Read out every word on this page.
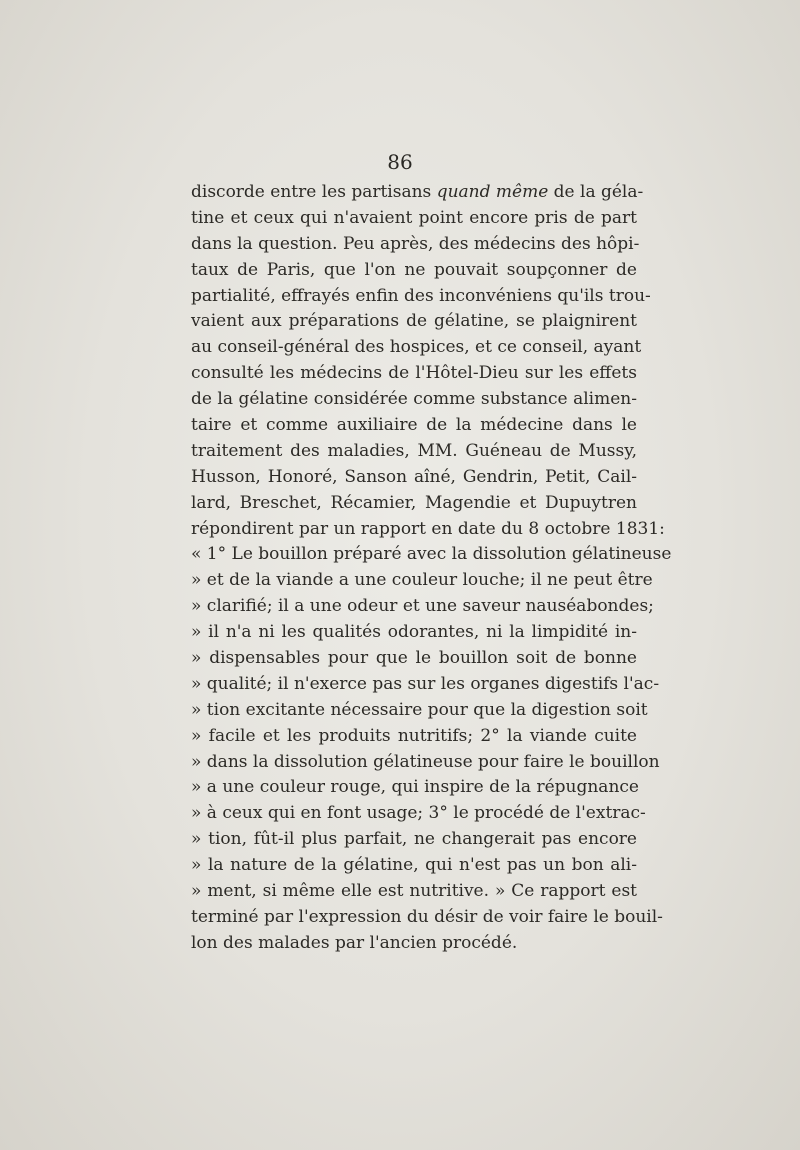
86
discorde entre les partisans quand même de la géla-
tine et ceux qui n'avaient point encore pris de part
dans la question. Peu après, des médecins des hôpi-
taux de Paris, que l'on ne pouvait soupçonner de
partialité, effrayés enfin des inconvéniens qu'ils trou-
vaient aux préparations de gélatine, se plaignirent
au conseil-général des hospices, et ce conseil, ayant
consulté les médecins de l'Hôtel-Dieu sur les effets
de la gélatine considérée comme substance alimen-
taire et comme auxiliaire de la médecine dans le
traitement des maladies, MM. Guéneau de Mussy,
Husson, Honoré, Sanson aîné, Gendrin, Petit, Cail-
lard, Breschet, Récamier, Magendie et Dupuytren
répondirent par un rapport en date du 8 octobre 1831:
« 1° Le bouillon préparé avec la dissolution gélatineuse
» et de la viande a une couleur louche; il ne peut être
» clarifié; il a une odeur et une saveur nauséabondes;
» il n'a ni les qualités odorantes, ni la limpidité in-
» dispensables pour que le bouillon soit de bonne
» qualité; il n'exerce pas sur les organes digestifs l'ac-
» tion excitante nécessaire pour que la digestion soit
» facile et les produits nutritifs; 2° la viande cuite
» dans la dissolution gélatineuse pour faire le bouillon
» a une couleur rouge, qui inspire de la répugnance
» à ceux qui en font usage; 3° le procédé de l'extrac-
» tion, fût-il plus parfait, ne changerait pas encore
» la nature de la gélatine, qui n'est pas un bon ali-
» ment, si même elle est nutritive. » Ce rapport est
terminé par l'expression du désir de voir faire le bouil-
lon des malades par l'ancien procédé.
